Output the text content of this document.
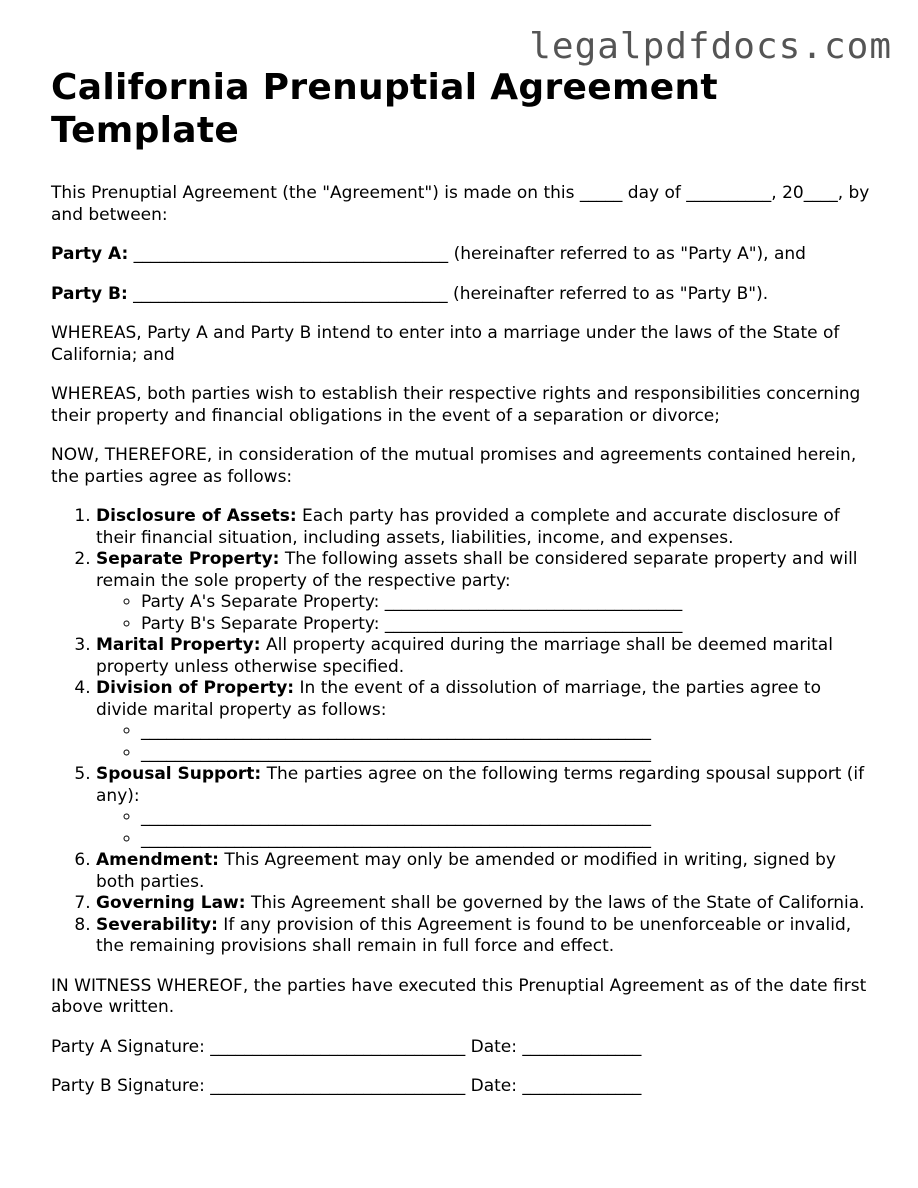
legalpdfdocs.com
California Prenuptial Agreement Template

This Prenuptial Agreement (the "Agreement") is made on this _____ day of __________, 20____, by and between:

Party A: _____________________________________ (hereinafter referred to as "Party A"), and

Party B: _____________________________________ (hereinafter referred to as "Party B").

WHEREAS, Party A and Party B intend to enter into a marriage under the laws of the State of California; and

WHEREAS, both parties wish to establish their respective rights and responsibilities concerning their property and financial obligations in the event of a separation or divorce;

NOW, THEREFORE, in consideration of the mutual promises and agreements contained herein, the parties agree as follows:

1. Disclosure of Assets: Each party has provided a complete and accurate disclosure of their financial situation, including assets, liabilities, income, and expenses.
2. Separate Property: The following assets shall be considered separate property and will remain the sole property of the respective party:
◦ Party A's Separate Property: ___________________________________
◦ Party B's Separate Property: ___________________________________
3. Marital Property: All property acquired during the marriage shall be deemed marital property unless otherwise specified.
4. Division of Property: In the event of a dissolution of marriage, the parties agree to divide marital property as follows:
◦ ____________________________________________________________
◦ ____________________________________________________________
5. Spousal Support: The parties agree on the following terms regarding spousal support (if any):
◦ ____________________________________________________________
◦ ____________________________________________________________
6. Amendment: This Agreement may only be amended or modified in writing, signed by both parties.
7. Governing Law: This Agreement shall be governed by the laws of the State of California.
8. Severability: If any provision of this Agreement is found to be unenforceable or invalid, the remaining provisions shall remain in full force and effect.

IN WITNESS WHEREOF, the parties have executed this Prenuptial Agreement as of the date first above written.

Party A Signature: ______________________________ Date: ______________

Party B Signature: ______________________________ Date: ______________
